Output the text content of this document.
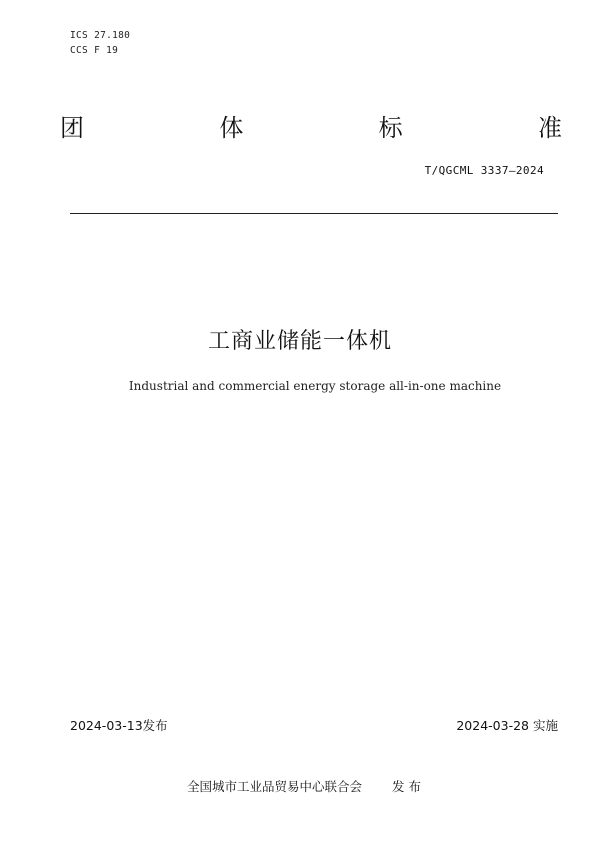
ICS 27.180
CCS F 19
团	体	标	准
T/QGCML 3337—2024
工商业储能一体机
Industrial and commercial energy storage all-in-one machine
2024-03-13发布	2024-03-28 实施
全国城市工业品贸易中心联合会 发 布
